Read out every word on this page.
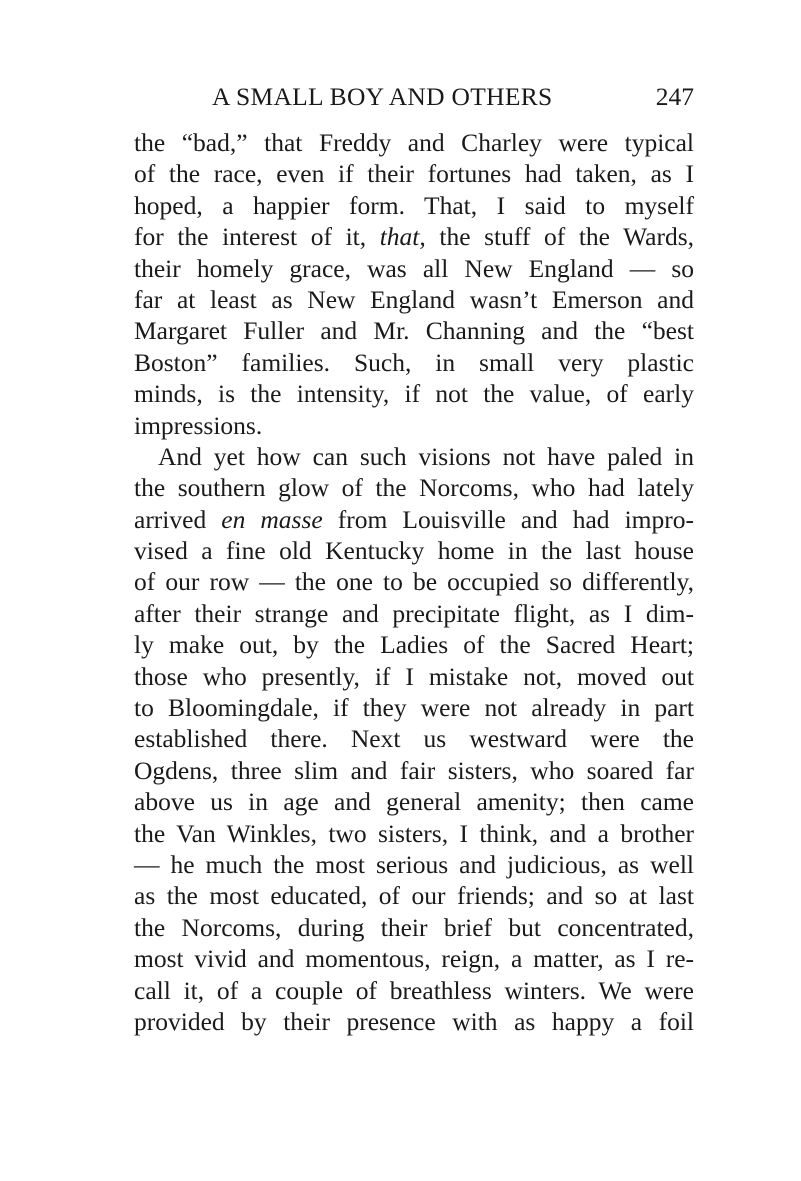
A SMALL BOY AND OTHERS	247
the “bad,” that Freddy and Charley were typical
of the race, even if their fortunes had taken, as I
hoped, a happier form. That, I said to myself
for the interest of it, that, the stuff of the Wards,
their homely grace, was all New England — so
far at least as New England wasn’t Emerson and
Margaret Fuller and Mr. Channing and the “best
Boston” families. Such, in small very plastic
minds, is the intensity, if not the value, of early
impressions.
And yet how can such visions not have paled in
the southern glow of the Norcoms, who had lately
arrived en masse from Louisville and had impro-
vised a fine old Kentucky home in the last house
of our row — the one to be occupied so differently,
after their strange and precipitate flight, as I dim-
ly make out, by the Ladies of the Sacred Heart;
those who presently, if I mistake not, moved out
to Bloomingdale, if they were not already in part
established there. Next us westward were the
Ogdens, three slim and fair sisters, who soared far
above us in age and general amenity; then came
the Van Winkles, two sisters, I think, and a brother
— he much the most serious and judicious, as well
as the most educated, of our friends; and so at last
the Norcoms, during their brief but concentrated,
most vivid and momentous, reign, a matter, as I re-
call it, of a couple of breathless winters. We were
provided by their presence with as happy a foil
